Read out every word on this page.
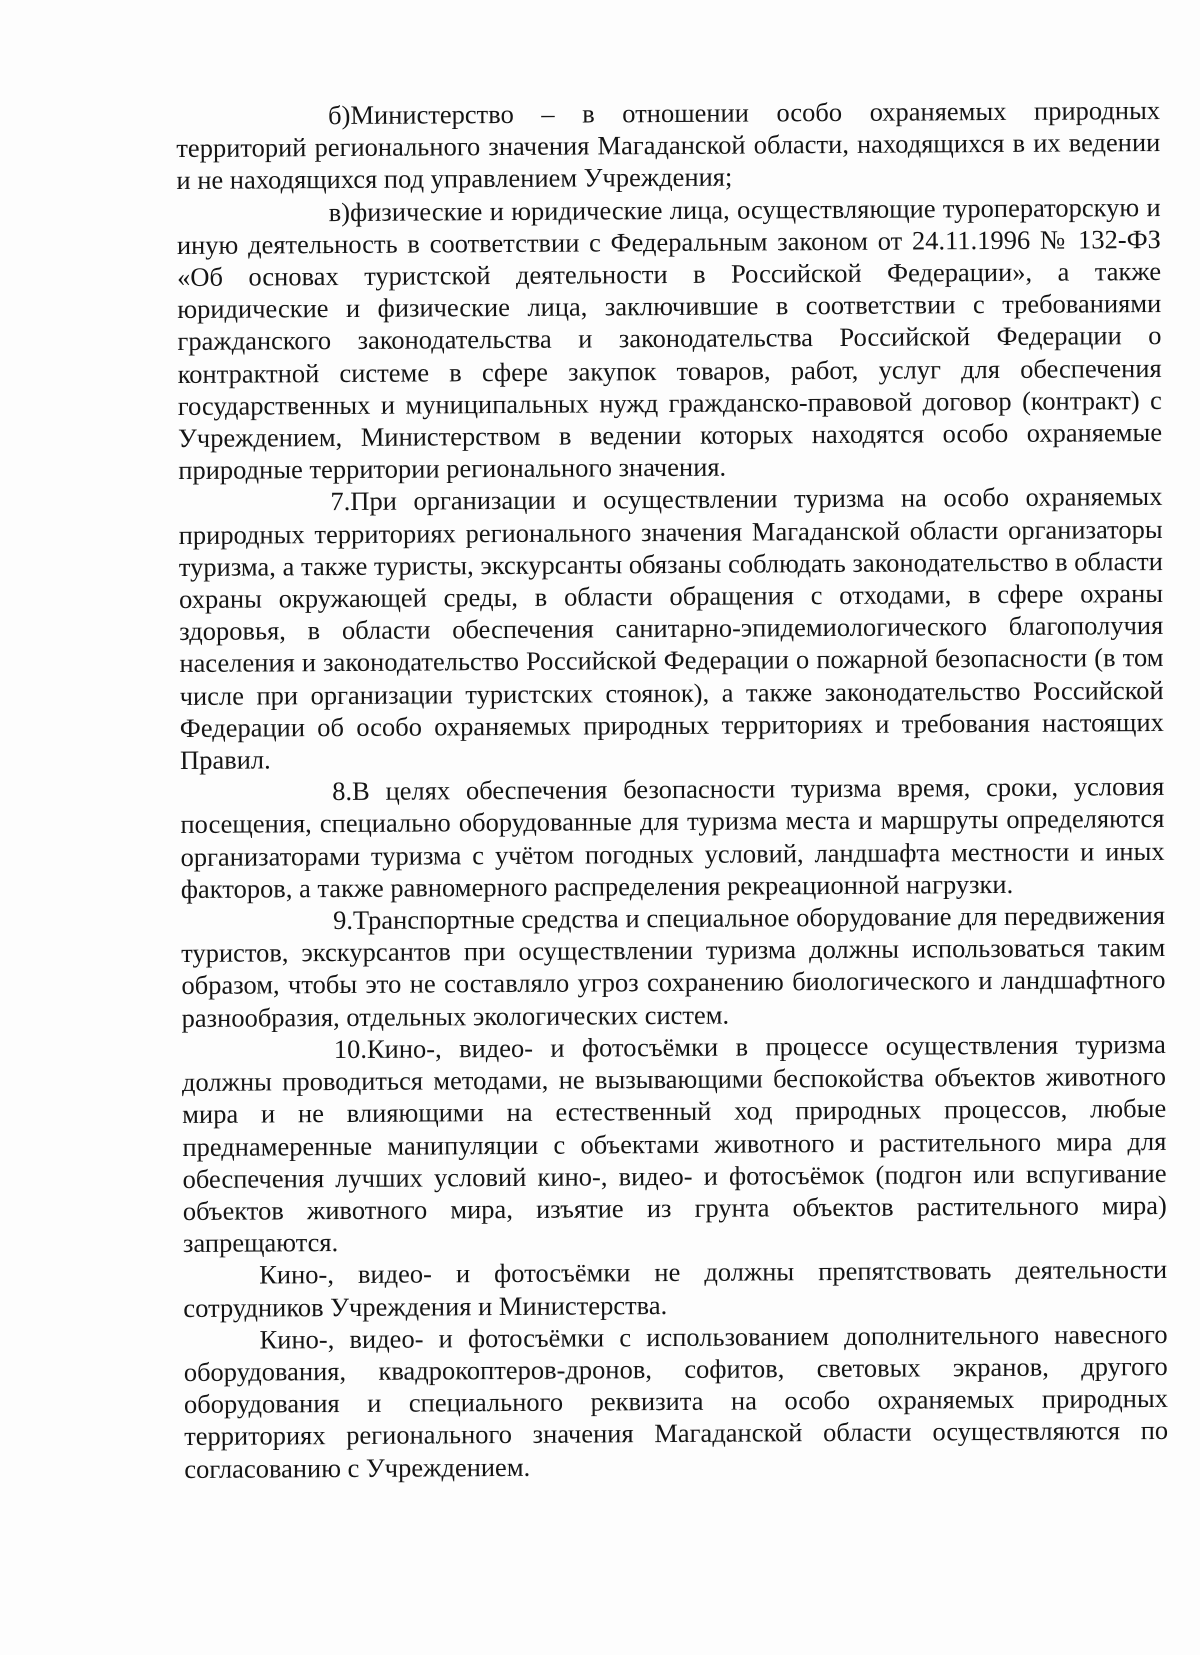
б)Министерство – в отношении особо охраняемых природных территорий регионального значения Магаданской области, находящихся в их ведении и не находящихся под управлением Учреждения;

в)физические и юридические лица, осуществляющие туроператорскую и иную деятельность в соответствии с Федеральным законом от 24.11.1996 № 132-ФЗ «Об основах туристской деятельности в Российской Федерации», а также юридические и физические лица, заключившие в соответствии с требованиями гражданского законодательства и законодательства Российской Федерации о контрактной системе в сфере закупок товаров, работ, услуг для обеспечения государственных и муниципальных нужд гражданско-правовой договор (контракт) с Учреждением, Министерством в ведении которых находятся особо охраняемые природные территории регионального значения.

7.При организации и осуществлении туризма на особо охраняемых природных территориях регионального значения Магаданской области организаторы туризма, а также туристы, экскурсанты обязаны соблюдать законодательство в области охраны окружающей среды, в области обращения с отходами, в сфере охраны здоровья, в области обеспечения санитарно-эпидемиологического благополучия населения и законодательство Российской Федерации о пожарной безопасности (в том числе при организации туристских стоянок), а также законодательство Российской Федерации об особо охраняемых природных территориях и требования настоящих Правил.

8.В целях обеспечения безопасности туризма время, сроки, условия посещения, специально оборудованные для туризма места и маршруты определяются организаторами туризма с учётом погодных условий, ландшафта местности и иных факторов, а также равномерного распределения рекреационной нагрузки.

9.Транспортные средства и специальное оборудование для передвижения туристов, экскурсантов при осуществлении туризма должны использоваться таким образом, чтобы это не составляло угроз сохранению биологического и ландшафтного разнообразия, отдельных экологических систем.

10.Кино-, видео- и фотосъёмки в процессе осуществления туризма должны проводиться методами, не вызывающими беспокойства объектов животного мира и не влияющими на естественный ход природных процессов, любые преднамеренные манипуляции с объектами животного и растительного мира для обеспечения лучших условий кино-, видео- и фотосъёмок (подгон или вспугивание объектов животного мира, изъятие из грунта объектов растительного мира) запрещаются.

Кино-, видео- и фотосъёмки не должны препятствовать деятельности сотрудников Учреждения и Министерства.

Кино-, видео- и фотосъёмки с использованием дополнительного навесного оборудования, квадрокоптеров-дронов, софитов, световых экранов, другого оборудования и специального реквизита на особо охраняемых природных территориях регионального значения Магаданской области осуществляются по согласованию с Учреждением.
